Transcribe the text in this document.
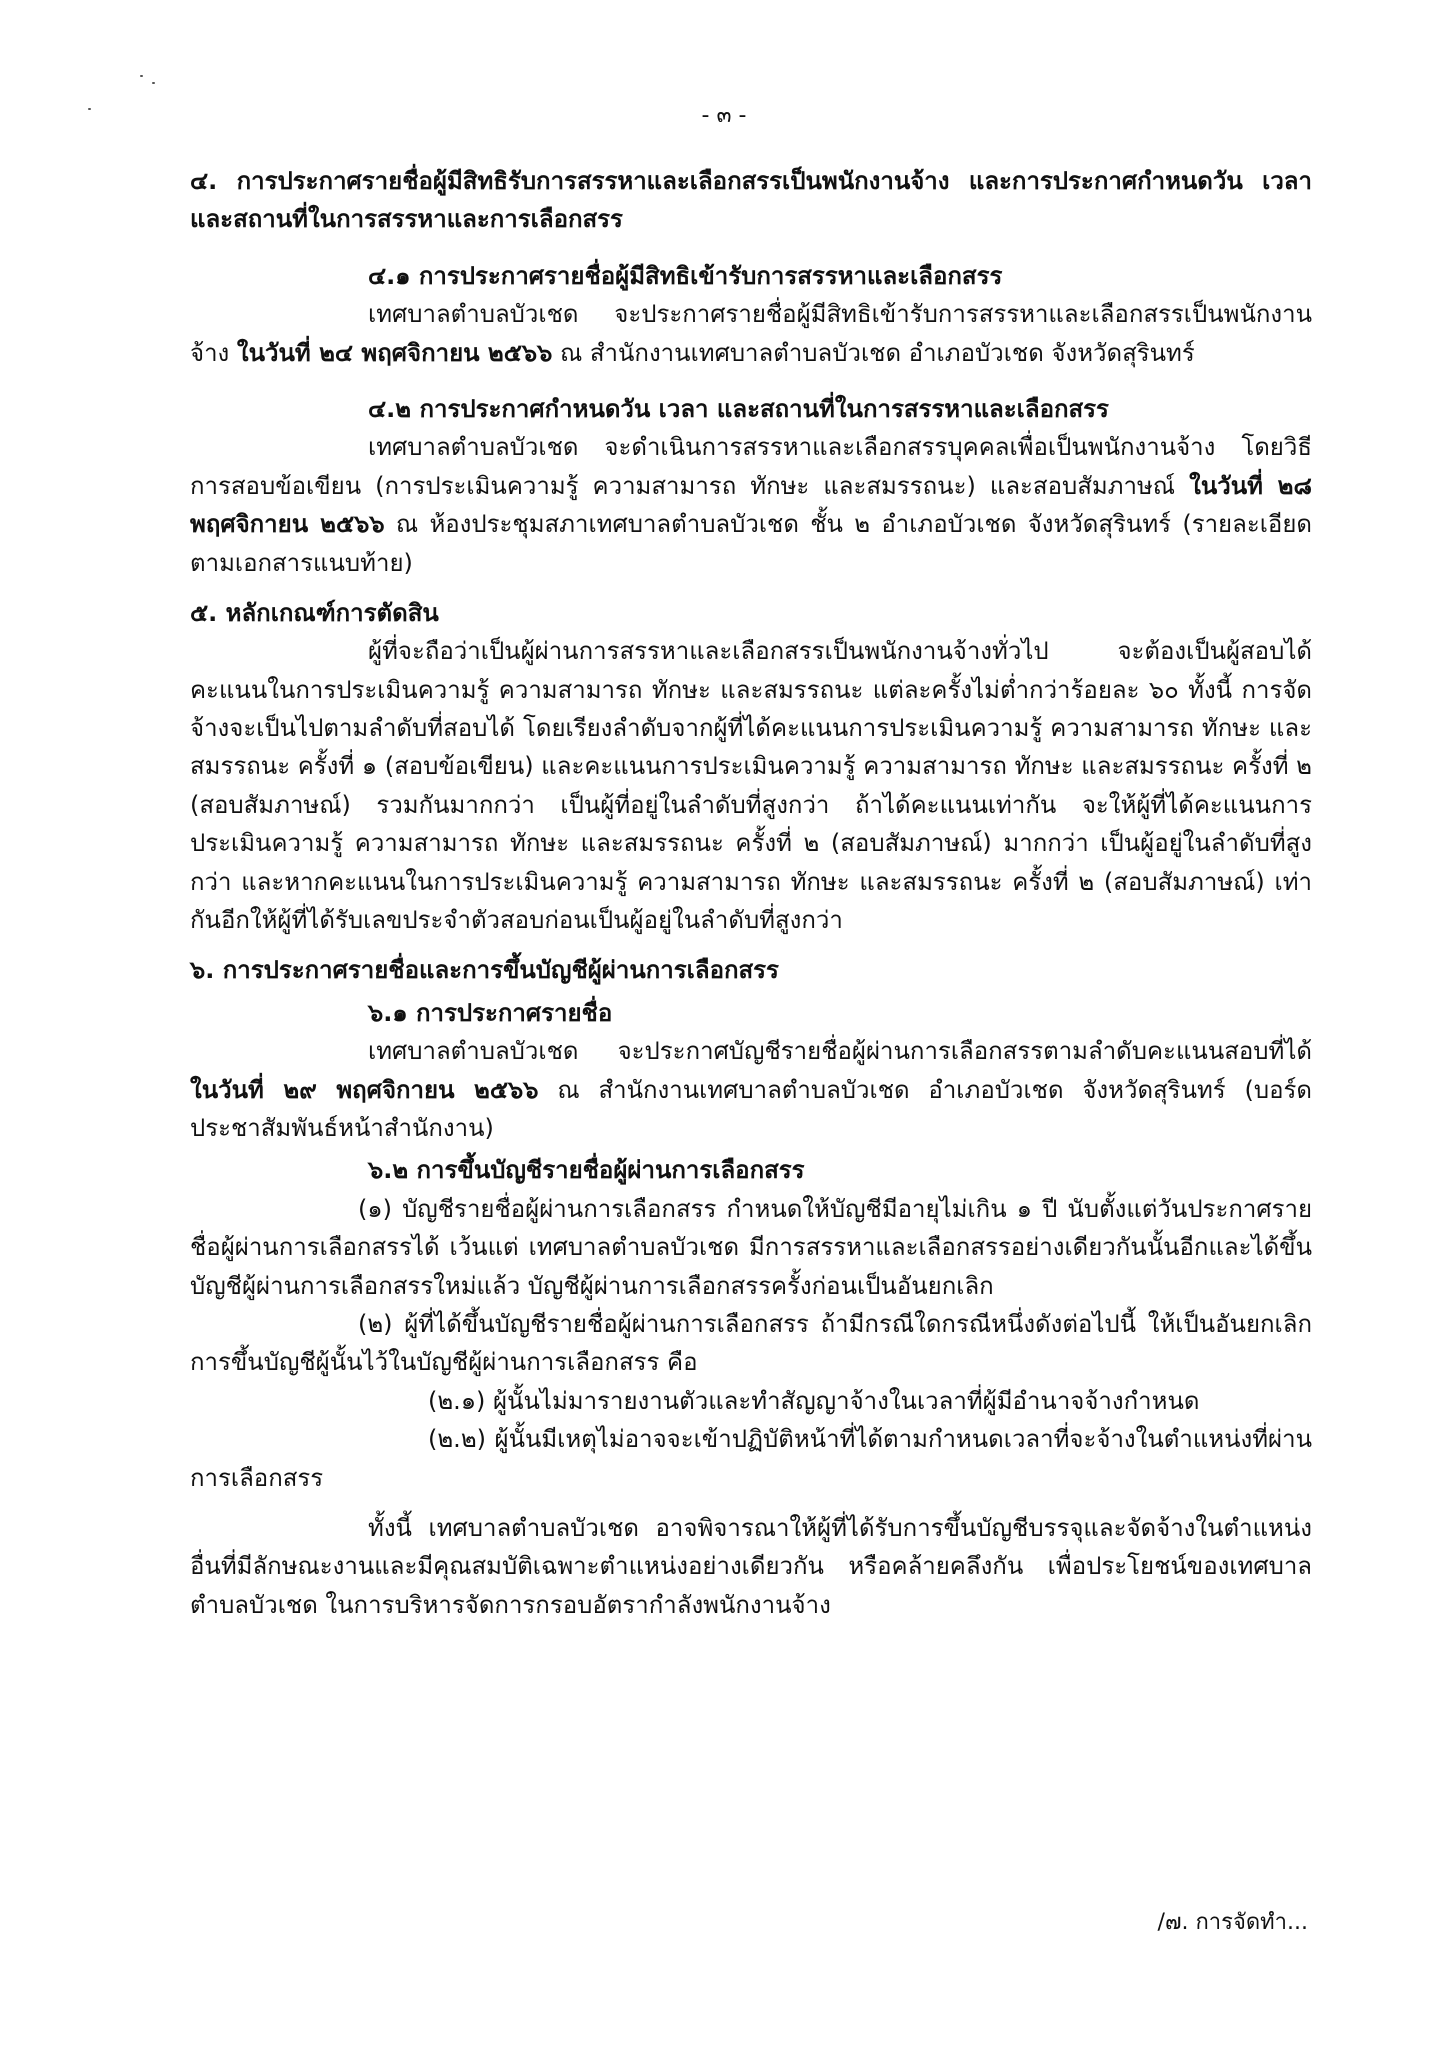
- ๓ -

๔. การประกาศรายชื่อผู้มีสิทธิรับการสรรหาและเลือกสรรเป็นพนักงานจ้าง และการประกาศกำหนดวัน เวลา และสถานที่ในการสรรหาและการเลือกสรร

๔.๑ การประกาศรายชื่อผู้มีสิทธิเข้ารับการสรรหาและเลือกสรร

เทศบาลตำบลบัวเชด จะประกาศรายชื่อผู้มีสิทธิเข้ารับการสรรหาและเลือกสรรเป็นพนักงานจ้าง ในวันที่ ๒๔ พฤศจิกายน ๒๕๖๖ ณ สำนักงานเทศบาลตำบลบัวเชด อำเภอบัวเชด จังหวัดสุรินทร์

๔.๒ การประกาศกำหนดวัน เวลา และสถานที่ในการสรรหาและเลือกสรร

เทศบาลตำบลบัวเชด จะดำเนินการสรรหาและเลือกสรรบุคคลเพื่อเป็นพนักงานจ้าง โดยวิธีการสอบข้อเขียน (การประเมินความรู้ ความสามารถ ทักษะ และสมรรถนะ) และสอบสัมภาษณ์ ในวันที่ ๒๘ พฤศจิกายน ๒๕๖๖ ณ ห้องประชุมสภาเทศบาลตำบลบัวเชด ชั้น ๒ อำเภอบัวเชด จังหวัดสุรินทร์ (รายละเอียดตามเอกสารแนบท้าย)

๕. หลักเกณฑ์การตัดสิน

ผู้ที่จะถือว่าเป็นผู้ผ่านการสรรหาและเลือกสรรเป็นพนักงานจ้างทั่วไป จะต้องเป็นผู้สอบได้คะแนนในการประเมินความรู้ ความสามารถ ทักษะ และสมรรถนะ แต่ละครั้งไม่ต่ำกว่าร้อยละ ๖๐ ทั้งนี้ การจัดจ้างจะเป็นไปตามลำดับที่สอบได้ โดยเรียงลำดับจากผู้ที่ได้คะแนนการประเมินความรู้ ความสามารถ ทักษะ และสมรรถนะ ครั้งที่ ๑ (สอบข้อเขียน) และคะแนนการประเมินความรู้ ความสามารถ ทักษะ และสมรรถนะ ครั้งที่ ๒ (สอบสัมภาษณ์) รวมกันมากกว่า เป็นผู้ที่อยู่ในลำดับที่สูงกว่า ถ้าได้คะแนนเท่ากัน จะให้ผู้ที่ได้คะแนนการประเมินความรู้ ความสามารถ ทักษะ และสมรรถนะ ครั้งที่ ๒ (สอบสัมภาษณ์) มากกว่า เป็นผู้อยู่ในลำดับที่สูงกว่า และหากคะแนนในการประเมินความรู้ ความสามารถ ทักษะ และสมรรถนะ ครั้งที่ ๒ (สอบสัมภาษณ์) เท่ากันอีกให้ผู้ที่ได้รับเลขประจำตัวสอบก่อนเป็นผู้อยู่ในลำดับที่สูงกว่า

๖. การประกาศรายชื่อและการขึ้นบัญชีผู้ผ่านการเลือกสรร

๖.๑ การประกาศรายชื่อ

เทศบาลตำบลบัวเชด จะประกาศบัญชีรายชื่อผู้ผ่านการเลือกสรรตามลำดับคะแนนสอบที่ได้ ในวันที่ ๒๙ พฤศจิกายน ๒๕๖๖ ณ สำนักงานเทศบาลตำบลบัวเชด อำเภอบัวเชด จังหวัดสุรินทร์ (บอร์ดประชาสัมพันธ์หน้าสำนักงาน)

๖.๒ การขึ้นบัญชีรายชื่อผู้ผ่านการเลือกสรร

(๑) บัญชีรายชื่อผู้ผ่านการเลือกสรร กำหนดให้บัญชีมีอายุไม่เกิน ๑ ปี นับตั้งแต่วันประกาศรายชื่อผู้ผ่านการเลือกสรรได้ เว้นแต่ เทศบาลตำบลบัวเชด มีการสรรหาและเลือกสรรอย่างเดียวกันนั้นอีกและได้ขึ้นบัญชีผู้ผ่านการเลือกสรรใหม่แล้ว บัญชีผู้ผ่านการเลือกสรรครั้งก่อนเป็นอันยกเลิก

(๒) ผู้ที่ได้ขึ้นบัญชีรายชื่อผู้ผ่านการเลือกสรร ถ้ามีกรณีใดกรณีหนึ่งดังต่อไปนี้ ให้เป็นอันยกเลิกการขึ้นบัญชีผู้นั้นไว้ในบัญชีผู้ผ่านการเลือกสรร คือ

(๒.๑) ผู้นั้นไม่มารายงานตัวและทำสัญญาจ้างในเวลาที่ผู้มีอำนาจจ้างกำหนด

(๒.๒) ผู้นั้นมีเหตุไม่อาจจะเข้าปฏิบัติหน้าที่ได้ตามกำหนดเวลาที่จะจ้างในตำแหน่งที่ผ่านการเลือกสรร

ทั้งนี้ เทศบาลตำบลบัวเชด อาจพิจารณาให้ผู้ที่ได้รับการขึ้นบัญชีบรรจุและจัดจ้างในตำแหน่งอื่นที่มีลักษณะงานและมีคุณสมบัติเฉพาะตำแหน่งอย่างเดียวกัน หรือคล้ายคลึงกัน เพื่อประโยชน์ของเทศบาลตำบลบัวเชด ในการบริหารจัดการกรอบอัตรากำลังพนักงานจ้าง

/๗. การจัดทำ...
